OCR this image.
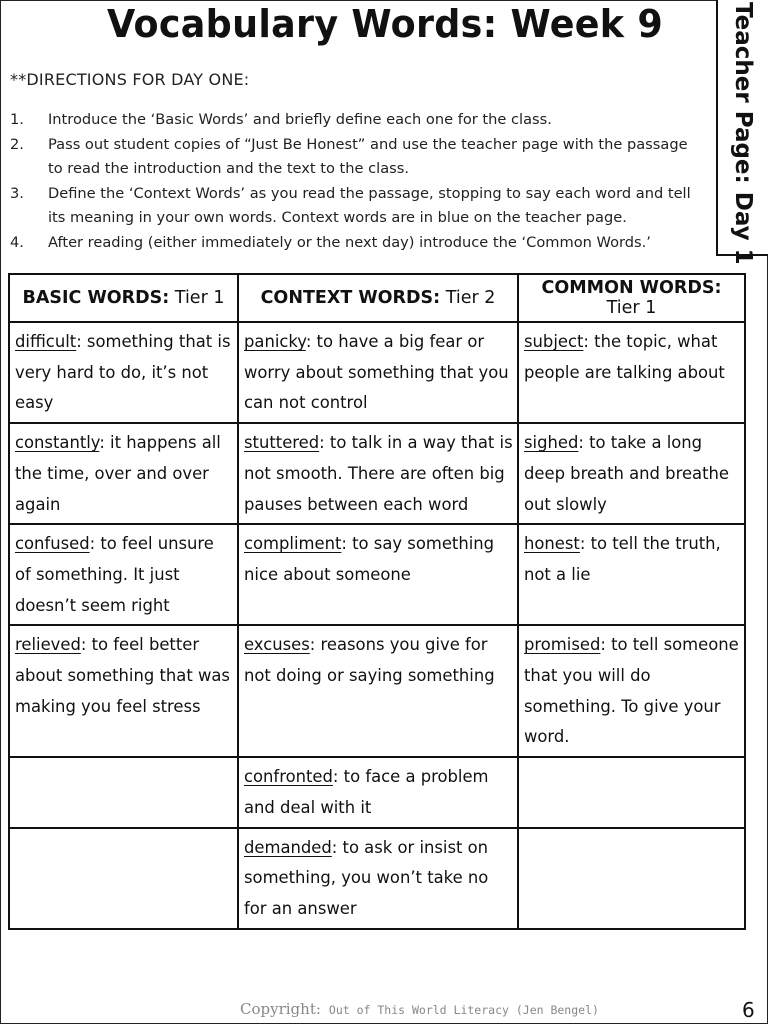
Vocabulary Words: Week 9	Teacher Page: Day 1
**DIRECTIONS FOR DAY ONE:
1. Introduce the ‘Basic Words’ and briefly define each one for the class.
2. Pass out student copies of “Just Be Honest” and use the teacher page with the passage to read the introduction and the text to the class.
3. Define the ‘Context Words’ as you read the passage, stopping to say each word and tell its meaning in your own words. Context words are in blue on the teacher page.
4. After reading (either immediately or the next day) introduce the ‘Common Words.’
BASIC WORDS: Tier 1	CONTEXT WORDS: Tier 2	COMMON WORDS: Tier 1
difficult: something that is very hard to do, it’s not easy	panicky: to have a big fear or worry about something that you can not control	subject: the topic, what people are talking about
constantly: it happens all the time, over and over again	stuttered: to talk in a way that is not smooth. There are often big pauses between each word	sighed: to take a long deep breath and breathe out slowly
confused: to feel unsure of something. It just doesn’t seem right	compliment: to say something nice about someone	honest: to tell the truth, not a lie
relieved: to feel better about something that was making you feel stress	excuses: reasons you give for not doing or saying something	promised: to tell someone that you will do something. To give your word.
	confronted: to face a problem and deal with it	
	demanded: to ask or insist on something, you won’t take no for an answer	
Copyright: Out of This World Literacy (Jen Bengel)	6
